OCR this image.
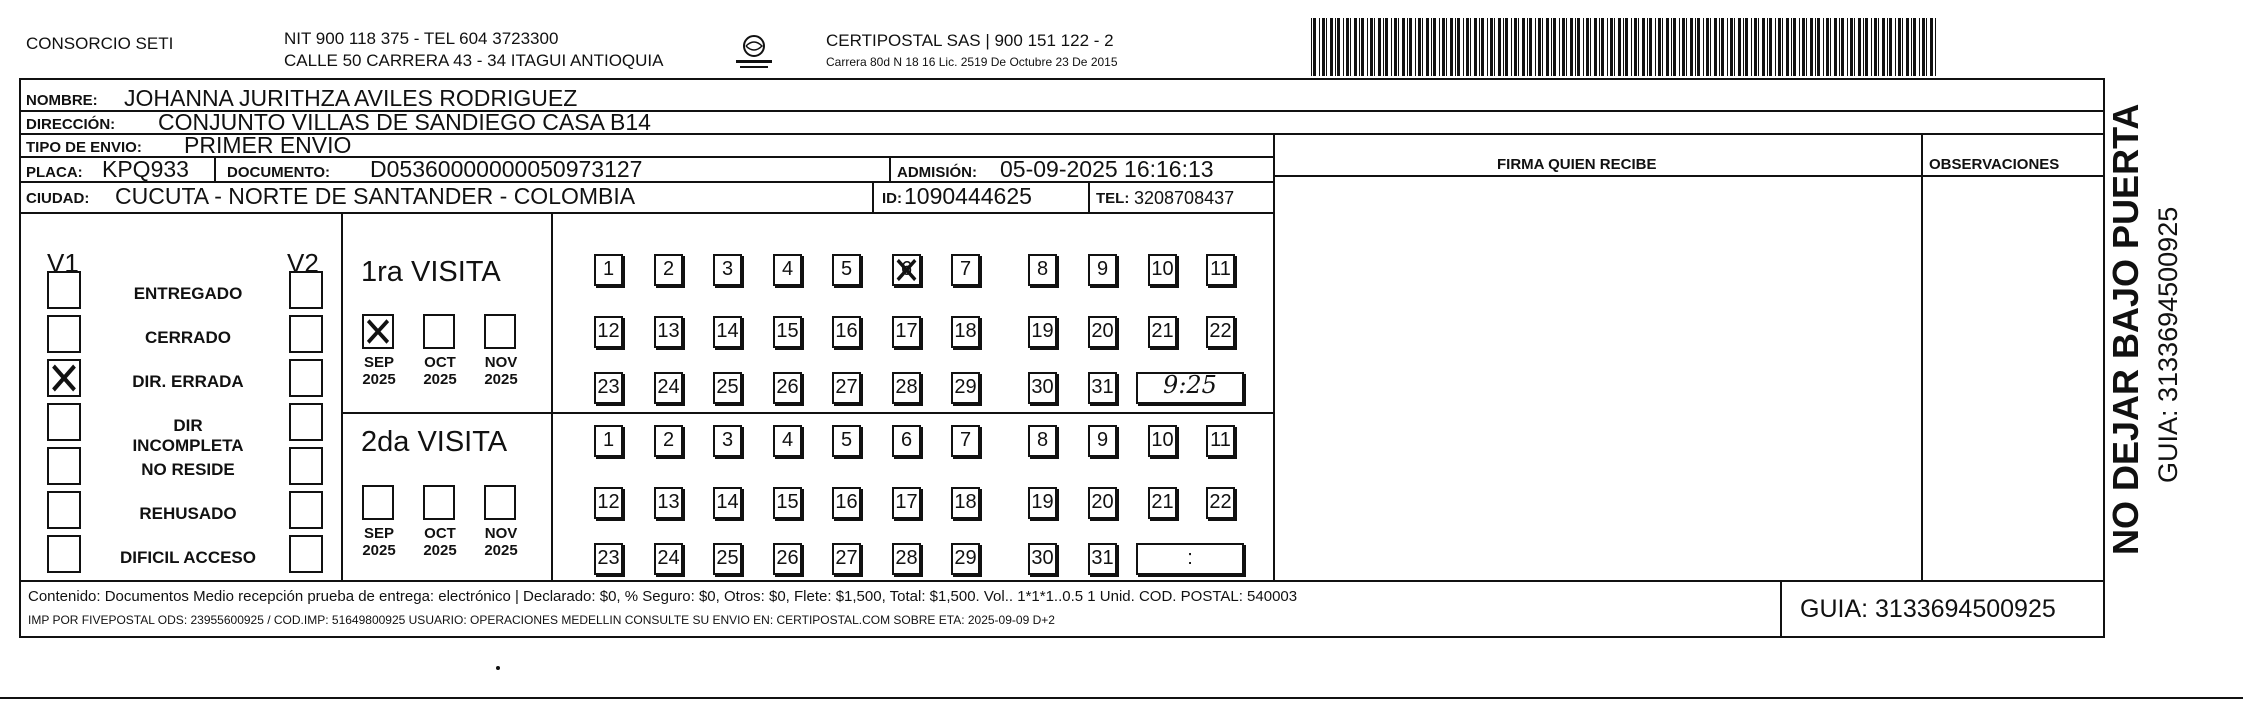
CONSORCIO SETI	NIT 900 118 375 - TEL 604 3723300
CALLE 50 CARRERA 43 - 34 ITAGUI ANTIOQUIA
CERTIPOSTAL SAS | 900 151 122 - 2
Carrera 80d N 18 16 Lic. 2519 De Octubre 23 De 2015
NOMBRE: JOHANNA JURITHZA AVILES RODRIGUEZ
DIRECCIÓN: CONJUNTO VILLAS DE SANDIEGO CASA B14
TIPO DE ENVIO: PRIMER ENVIO
FIRMA QUIEN RECIBE	OBSERVACIONES
PLACA: KPQ933	DOCUMENTO: D05360000000050973127	ADMISIÓN: 05-09-2025 16:16:13
CIUDAD: CUCUTA - NORTE DE SANTANDER - COLOMBIA	ID: 1090444625	TEL: 3208708437
V1	V2
ENTREGADO
CERRADO
DIR. ERRADA
DIR INCOMPLETA
NO RESIDE
REHUSADO
DIFICIL ACCESO
1ra VISITA
2da VISITA
SEP
2025
OCT
2025
NOV
2025
1	2	3	4	5	6	7	8	9	10 11
12 13 14 15 16 17 18	19 20 21 22
23 24 25 26 27 28 29	30 31	9:25
SEP
2025
OCT
2025
NOV
2025
1	2	3	4	5	6	7	8	9	10 11
12 13 14 15 16 17 18	19 20 21 22
23 24 25 26 27 28 29	30 31	:
Contenido: Documentos Medio recepción prueba de entrega: electrónico | Declarado: $0, % Seguro: $0, Otros: $0, Flete: $1,500, Total: $1,500. Vol.. 1*1*1..0.5 1 Unid. COD. POSTAL: 540003
IMP POR FIVEPOSTAL ODS: 23955600925 / COD.IMP: 51649800925 USUARIO: OPERACIONES MEDELLIN CONSULTE SU ENVIO EN: CERTIPOSTAL.COM SOBRE ETA: 2025-09-09 D+2	GUIA: 3133694500925
NO DEJAR BAJO PUERTA GUIA: 3133694500925
